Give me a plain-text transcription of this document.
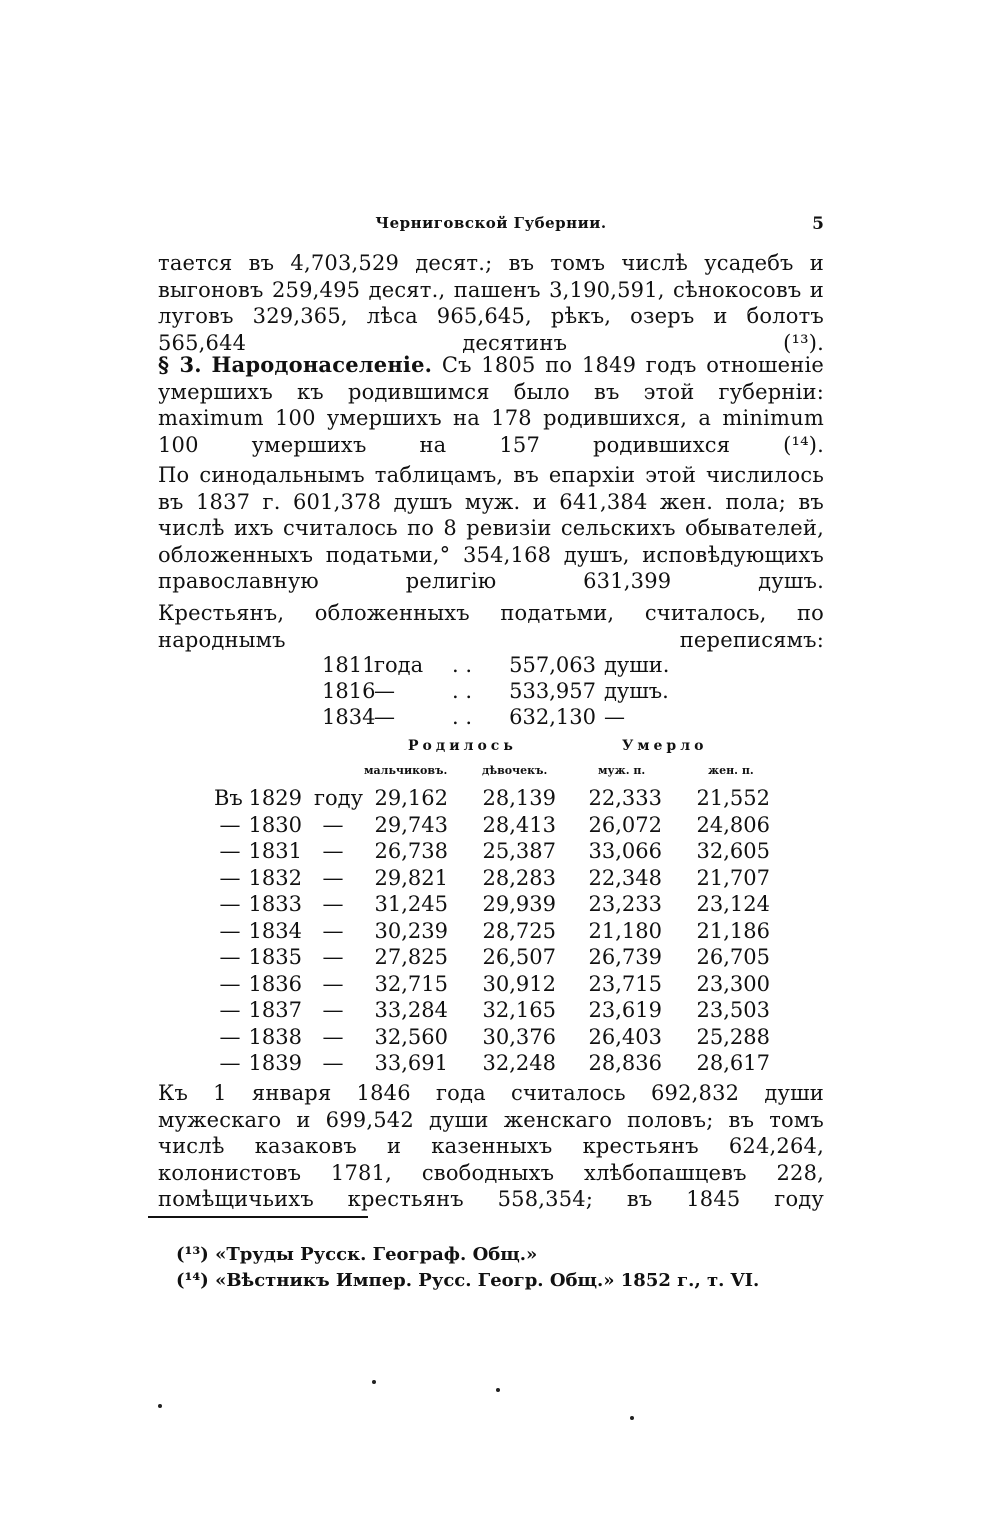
Черниговской Губернии.	5
тается въ 4,703,529 десят.; въ томъ числѣ усадебъ и выгоновъ 259,495 десят., пашенъ 3,190,591, сѣнокосовъ и луговъ 329,365, лѣса 965,645, рѣкъ, озеръ и болотъ 565,644 десятинъ (¹³).
§ 3. Народонаселеніе. Съ 1805 по 1849 годъ отношеніе умершихъ къ родившимся было въ этой губерніи: maximum 100 умершихъ на 178 родившихся, а minimum 100 умершихъ на 157 родившихся (¹⁴).
По синодальнымъ таблицамъ, въ епархіи этой числилось въ 1837 г. 601,378 душъ муж. и 641,384 жен. пола; въ числѣ ихъ считалось по 8 ревизіи сельскихъ обывателей, обложенныхъ податьми,° 354,168 душъ, исповѣдующихъ православную религію 631,399 душъ.
Крестьянъ, обложенныхъ податьми, считалось, по народнымъ переписямъ:
1811года . . 557,063 души.
1816—	. . 533,957 душъ.
1834—	. . 632,130 —
Родилось	Умерло
мальчиковъ.	дѣвочекъ.	муж. п.	жен. п.
Въ 1829 году 29,162	28,139	22,333	21,552
— 1830 —	29,743	28,413	26,072	24,806
— 1831 —	26,738	25,387	33,066	32,605
— 1832 —	29,821	28,283	22,348	21,707
— 1833 —	31,245	29,939	23,233	23,124
— 1834 —	30,239	28,725	21,180	21,186
— 1835 —	27,825	26,507	26,739	26,705
— 1836 —	32,715	30,912	23,715	23,300
— 1837 —	33,284	32,165	23,619	23,503
— 1838 —	32,560	30,376	26,403	25,288
— 1839 —	33,691	32,248	28,836	28,617
Къ 1 января 1846 года считалось 692,832 души мужескаго и 699,542 души женскаго половъ; въ томъ числѣ казаковъ и казенныхъ крестьянъ 624,264, колонистовъ 1781, свободныхъ хлѣбопашцевъ 228, помѣщичьихъ крестьянъ 558,354; въ 1845 году
(¹³) «Труды Русск. Географ. Общ.»
(¹⁴) «Вѣстникъ Импер. Русс. Геогр. Общ.» 1852 г., т. VI.
